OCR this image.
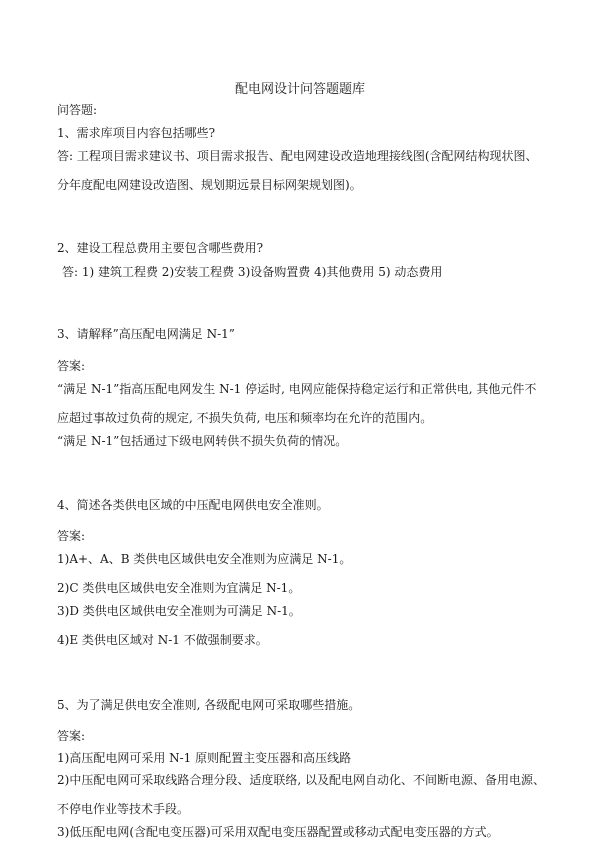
配电网设计问答题题库
问答题:
1、需求库项目内容包括哪些?
答: 工程项目需求建议书、项目需求报告、配电网建设改造地理接线图(含配网结构现状图、
分年度配电网建设改造图、规划期远景目标网架规划图)。
2、建设工程总费用主要包含哪些费用?
答: 1) 建筑工程费 2)安装工程费 3)设备购置费 4)其他费用 5) 动态费用
3、请解释”高压配电网满足 N-1”
答案:
“满足 N-1”指高压配电网发生 N-1 停运时, 电网应能保持稳定运行和正常供电, 其他元件不
应超过事故过负荷的规定, 不损失负荷, 电压和频率均在允许的范围内。
“满足 N-1”包括通过下级电网转供不损失负荷的情况。
4、简述各类供电区域的中压配电网供电安全准则。
答案:
1)A+、A、B 类供电区域供电安全准则为应满足 N-1。
2)C 类供电区域供电安全准则为宜满足 N-1。
3)D 类供电区域供电安全准则为可满足 N-1。
4)E 类供电区域对 N-1 不做强制要求。
5、为了满足供电安全准则, 各级配电网可采取哪些措施。
答案:
1)高压配电网可采用 N-1 原则配置主变压器和高压线路
2)中压配电网可采取线路合理分段、适度联络, 以及配电网自动化、不间断电源、备用电源、
不停电作业等技术手段。
3)低压配电网(含配电变压器)可采用双配电变压器配置或移动式配电变压器的方式。
